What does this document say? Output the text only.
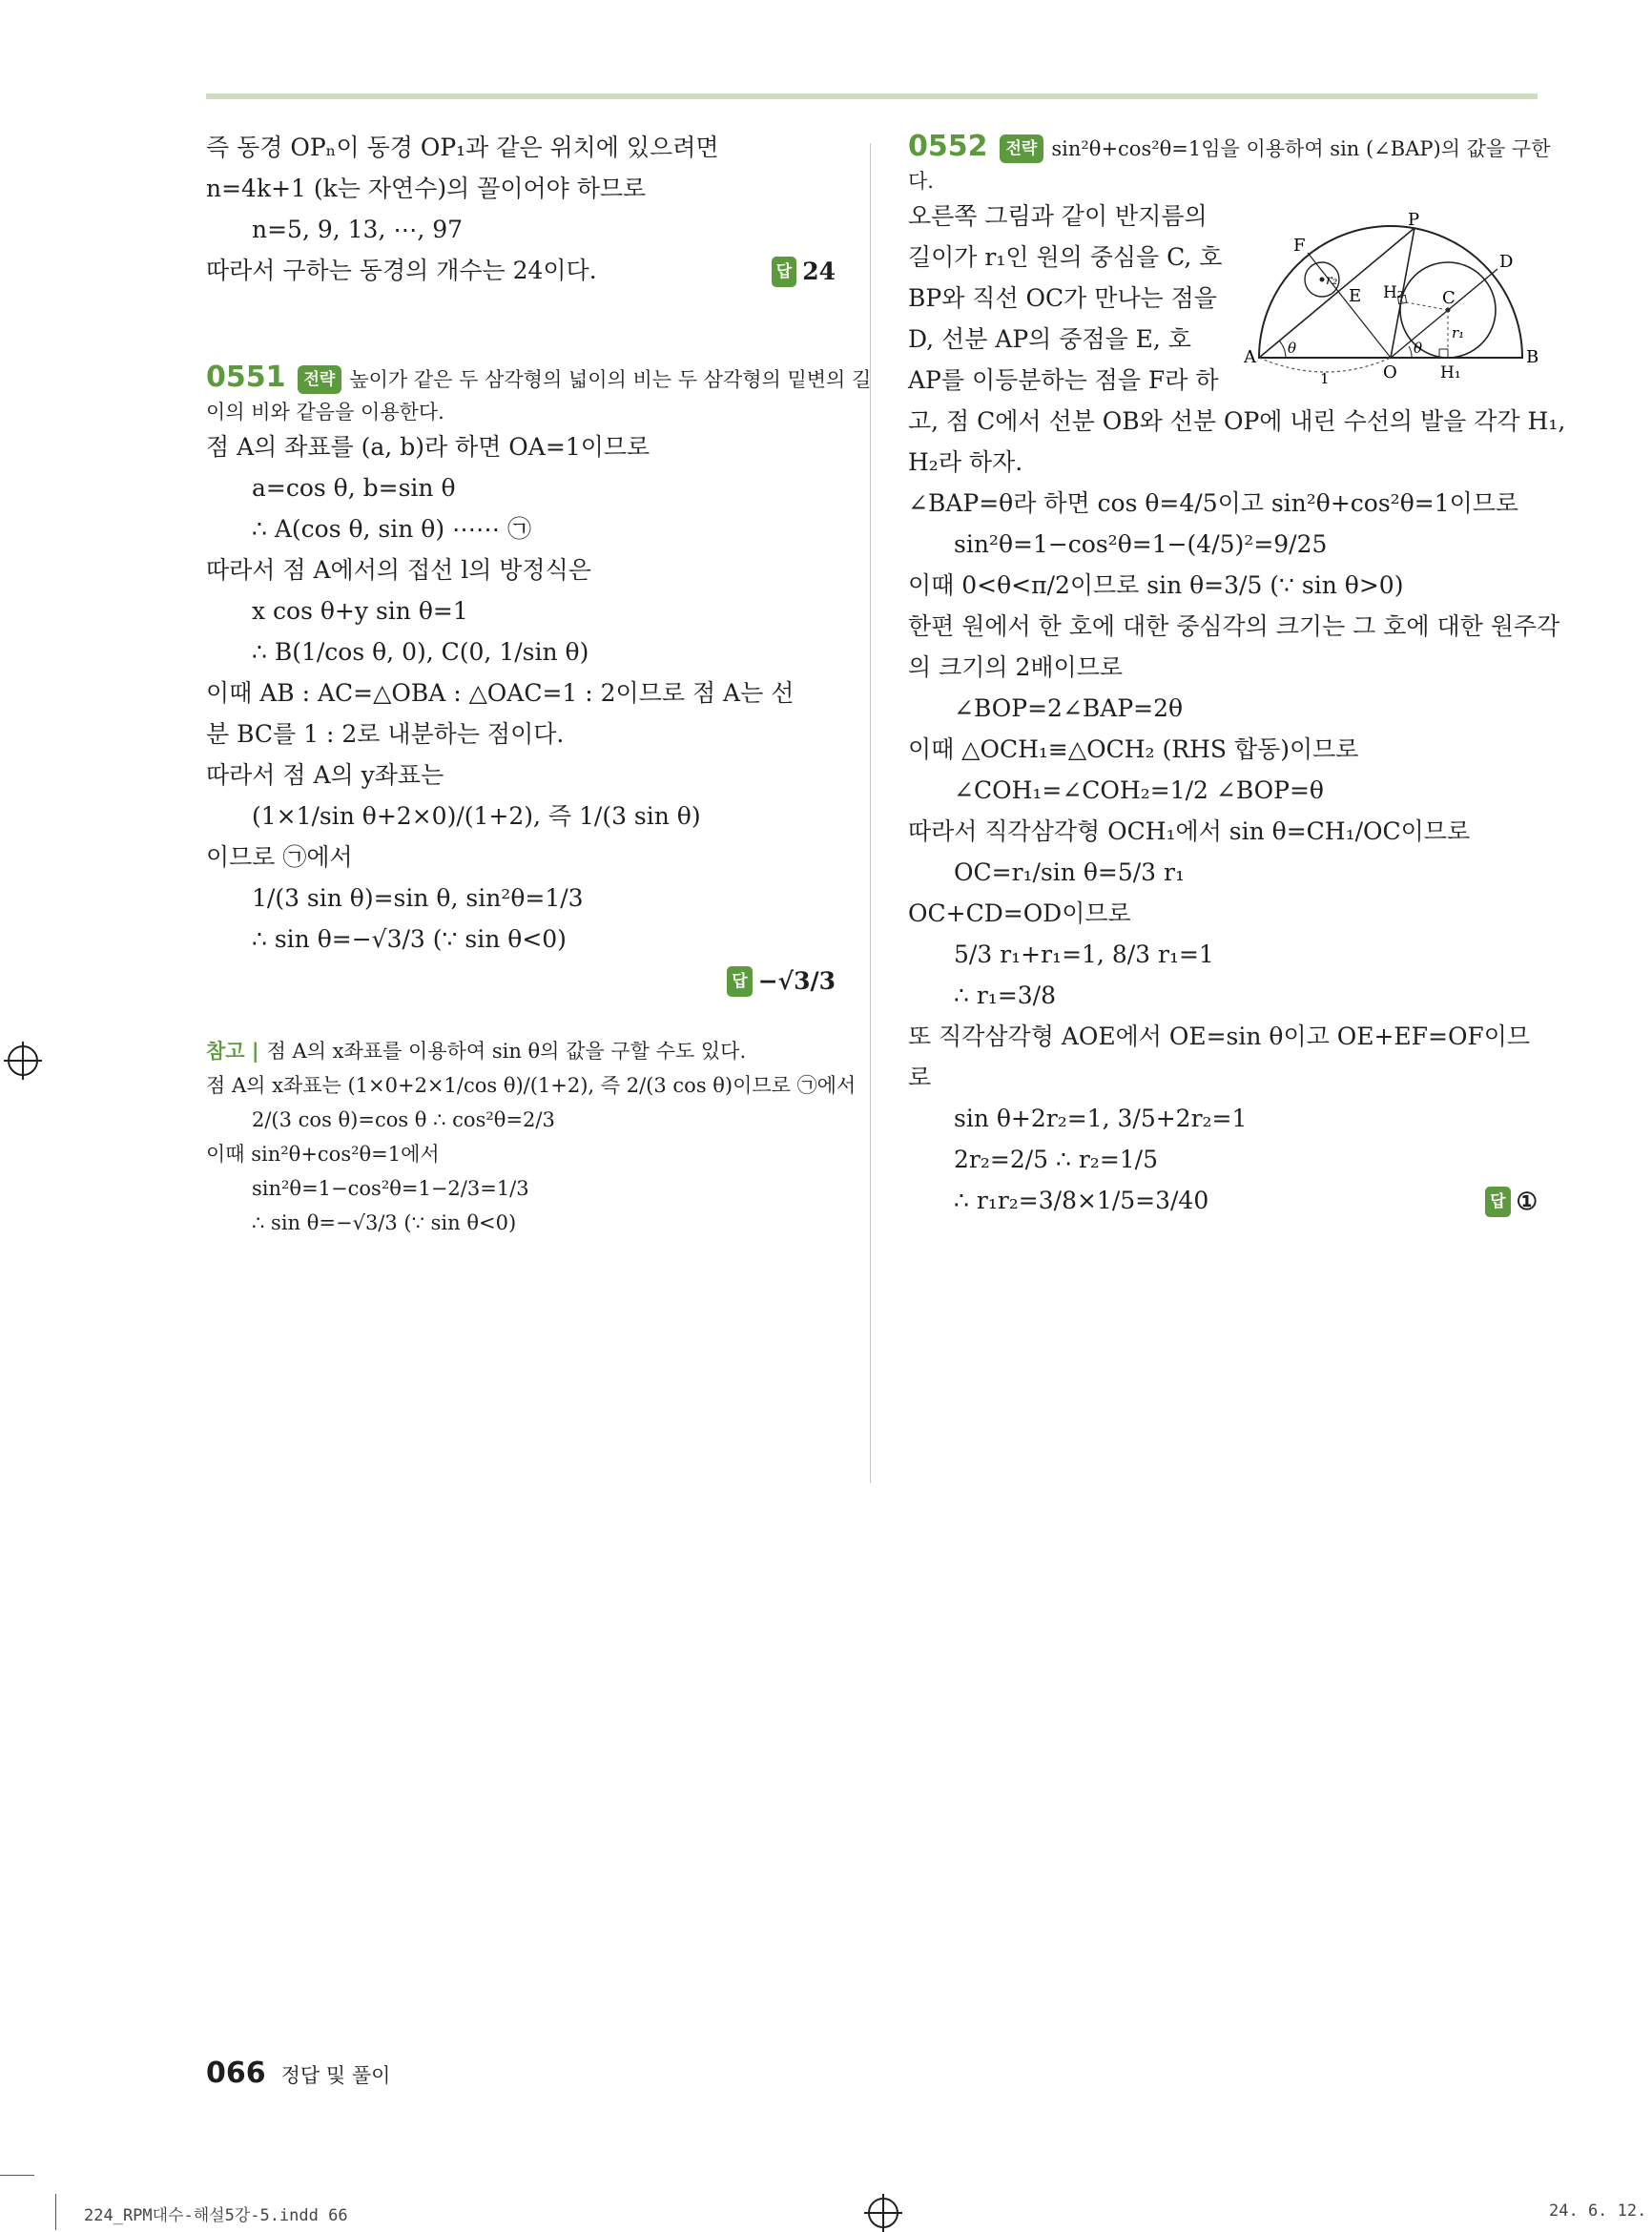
즉 동경 OPₙ이 동경 OP₁과 같은 위치에 있으려면
n=4k+1 (k는 자연수)의 꼴이어야 하므로
n=5, 9, 13, ⋯, 97
따라서 구하는 동경의 개수는 24이다.	답 24
0551 전략 높이가 같은 두 삼각형의 넓이의 비는 두 삼각형의 밑변의 길
이의 비와 같음을 이용한다.
점 A의 좌표를 (a, b)라 하면 OA=1이므로
a=cos θ, b=sin θ
∴ A(cos θ, sin θ) ⋯⋯ ㉠
따라서 점 A에서의 접선 l의 방정식은
x cos θ+y sin θ=1
∴ B(1/cos θ, 0), C(0, 1/sin θ)
이때 AB : AC=△OBA : △OAC=1 : 2이므로 점 A는 선
분 BC를 1 : 2로 내분하는 점이다.
따라서 점 A의 y좌표는
(1×1/sin θ+2×0)/(1+2), 즉 1/(3 sin θ)
이므로 ㉠에서
1/(3 sin θ)=sin θ, sin²θ=1/3
∴ sin θ=−√3/3 (∵ sin θ<0)
답 −√3/3
참고 | 점 A의 x좌표를 이용하여 sin θ의 값을 구할 수도 있다.
점 A의 x좌표는 (1×0+2×1/cos θ)/(1+2), 즉 2/(3 cos θ)이므로 ㉠에서
2/(3 cos θ)=cos θ ∴ cos²θ=2/3
이때 sin²θ+cos²θ=1에서
sin²θ=1−cos²θ=1−2/3=1/3
∴ sin θ=−√3/3 (∵ sin θ<0)
0552 전략 sin²θ+cos²θ=1임을 이용하여 sin (∠BAP)의 값을 구한
다.
오른쪽 그림과 같이 반지름의
길이가 r₁인 원의 중심을 C, 호
BP와 직선 OC가 만나는 점을
D, 선분 AP의 중점을 E, 호
AP를 이등분하는 점을 F라 하
고, 점 C에서 선분 OB와 선분 OP에 내린 수선의 발을 각각 H₁,
H₂라 하자.
∠BAP=θ라 하면 cos θ=4/5이고 sin²θ+cos²θ=1이므로
sin²θ=1−cos²θ=1−(4/5)²=9/25
이때 0<θ<π/2이므로 sin θ=3/5 (∵ sin θ>0)
한편 원에서 한 호에 대한 중심각의 크기는 그 호에 대한 원주각
의 크기의 2배이므로
∠BOP=2∠BAP=2θ
이때 △OCH₁≡△OCH₂ (RHS 합동)이므로
∠COH₁=∠COH₂=1/2 ∠BOP=θ
따라서 직각삼각형 OCH₁에서 sin θ=CH₁/OC이므로
OC=r₁/sin θ=5/3 r₁
OC+CD=OD이므로
5/3 r₁+r₁=1, 8/3 r₁=1
∴ r₁=3/8
또 직각삼각형 AOE에서 OE=sin θ이고 OE+EF=OF이므
로
sin θ+2r₂=1, 3/5+2r₂=1
2r₂=2/5 ∴ r₂=1/5
∴ r₁r₂=3/8×1/5=3/40	답 ①
A	B
O
P
D
F
E	C
H₁
H₂
r₁
r₂
θ	θ
1
066 정답 및 풀이
224_RPM대수-해설5강-5.indd 66	24. 6. 12.
